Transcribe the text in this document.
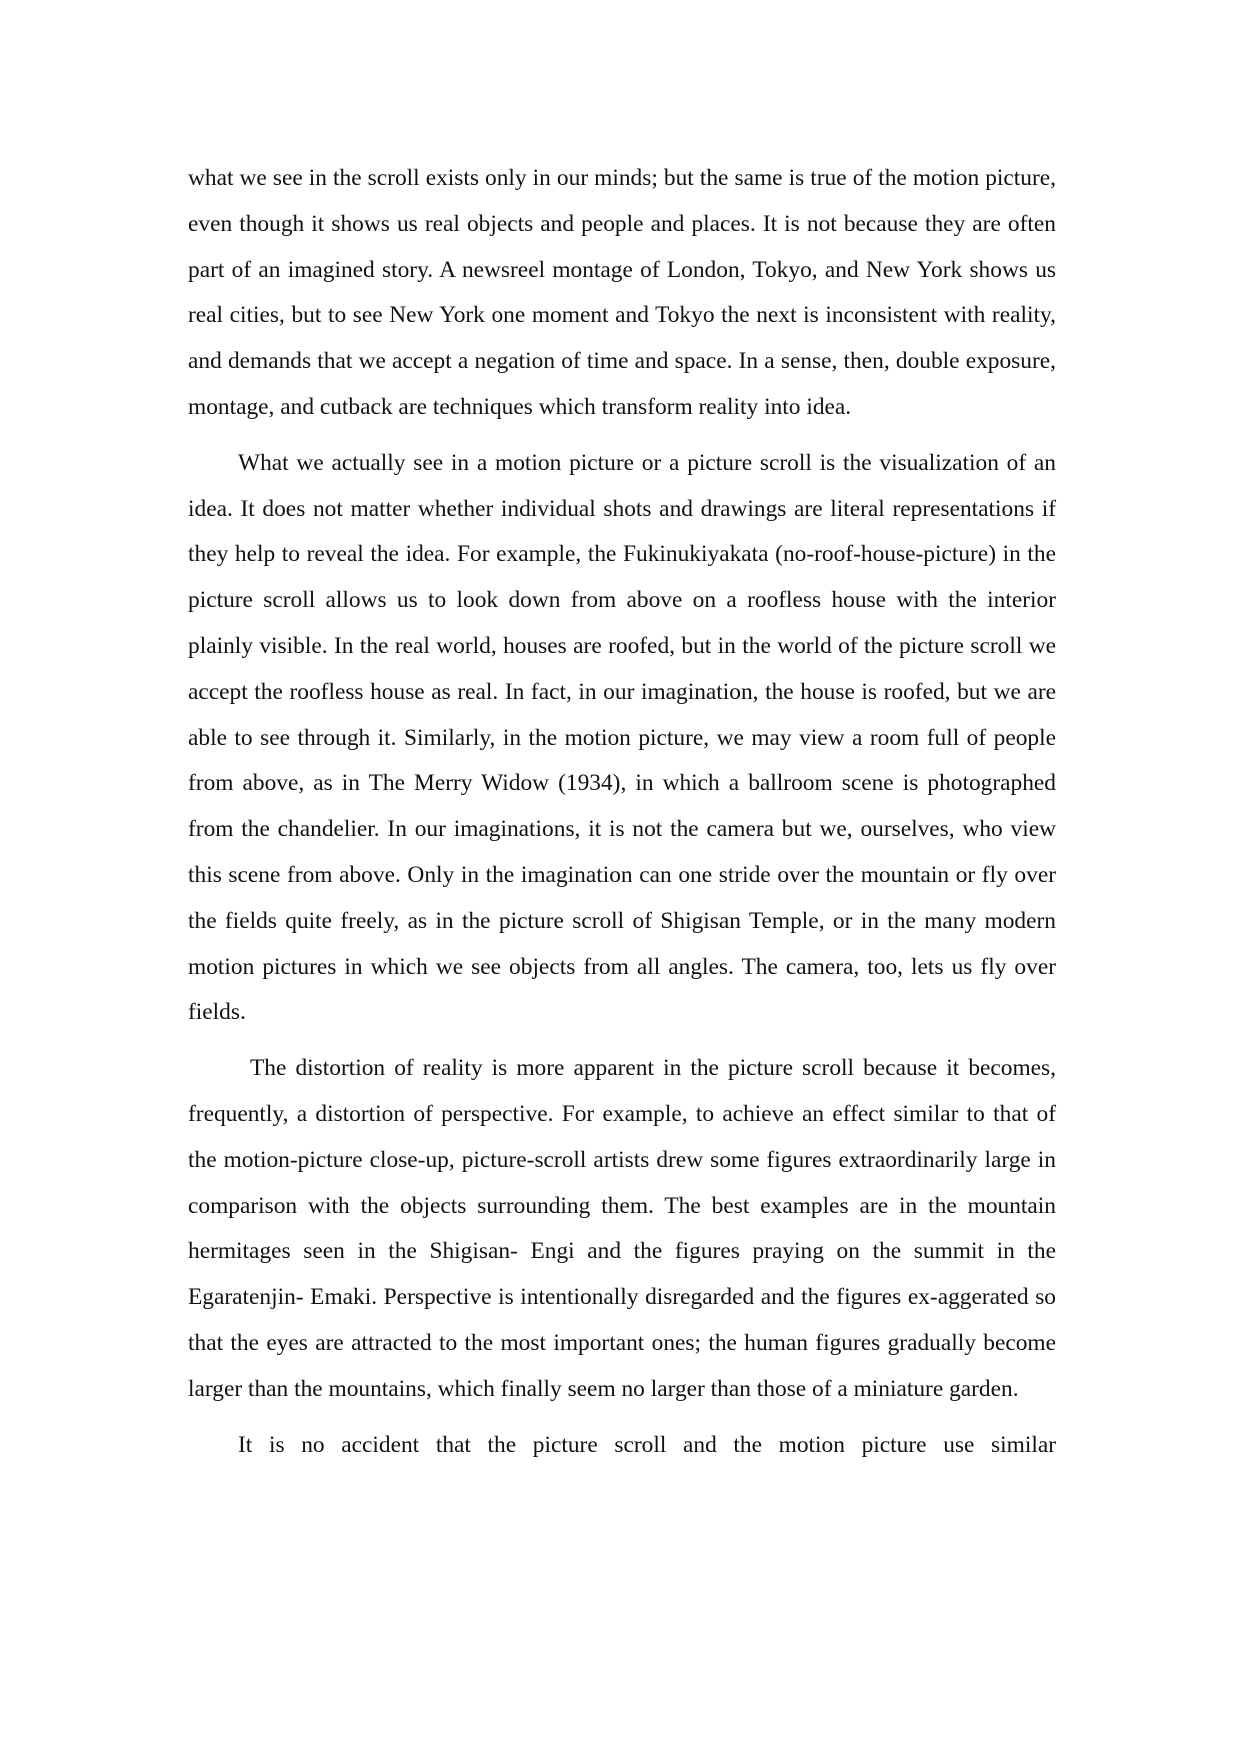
what we see in the scroll exists only in our minds; but the same is true of the motion picture, even though it shows us real objects and people and places. It is not because they are often part of an imagined story. A newsreel montage of London, Tokyo, and New York shows us real cities, but to see New York one moment and Tokyo the next is inconsistent with reality, and demands that we accept a negation of time and space. In a sense, then, double exposure, montage, and cutback are techniques which transform reality into idea.

What we actually see in a motion picture or a picture scroll is the visualization of an idea. It does not matter whether individual shots and drawings are literal representations if they help to reveal the idea. For example, the Fukinukiyakata (no-roof-house-picture) in the picture scroll allows us to look down from above on a roofless house with the interior plainly visible. In the real world, houses are roofed, but in the world of the picture scroll we accept the roofless house as real. In fact, in our imagination, the house is roofed, but we are able to see through it. Similarly, in the motion picture, we may view a room full of people from above, as in The Merry Widow (1934), in which a ballroom scene is photographed from the chandelier. In our imaginations, it is not the camera but we, ourselves, who view this scene from above. Only in the imagination can one stride over the mountain or fly over the fields quite freely, as in the picture scroll of Shigisan Temple, or in the many modern motion pictures in which we see objects from all angles. The camera, too, lets us fly over fields.

The distortion of reality is more apparent in the picture scroll because it becomes, frequently, a distortion of perspective. For example, to achieve an effect similar to that of the motion-picture close-up, picture-scroll artists drew some figures extraordinarily large in comparison with the objects surrounding them. The best examples are in the mountain hermitages seen in the Shigisan- Engi and the figures praying on the summit in the Egaratenjin- Emaki. Perspective is intentionally disregarded and the figures ex-aggerated so that the eyes are attracted to the most important ones; the human figures gradually become larger than the mountains, which finally seem no larger than those of a miniature garden.

It is no accident that the picture scroll and the motion picture use similar
